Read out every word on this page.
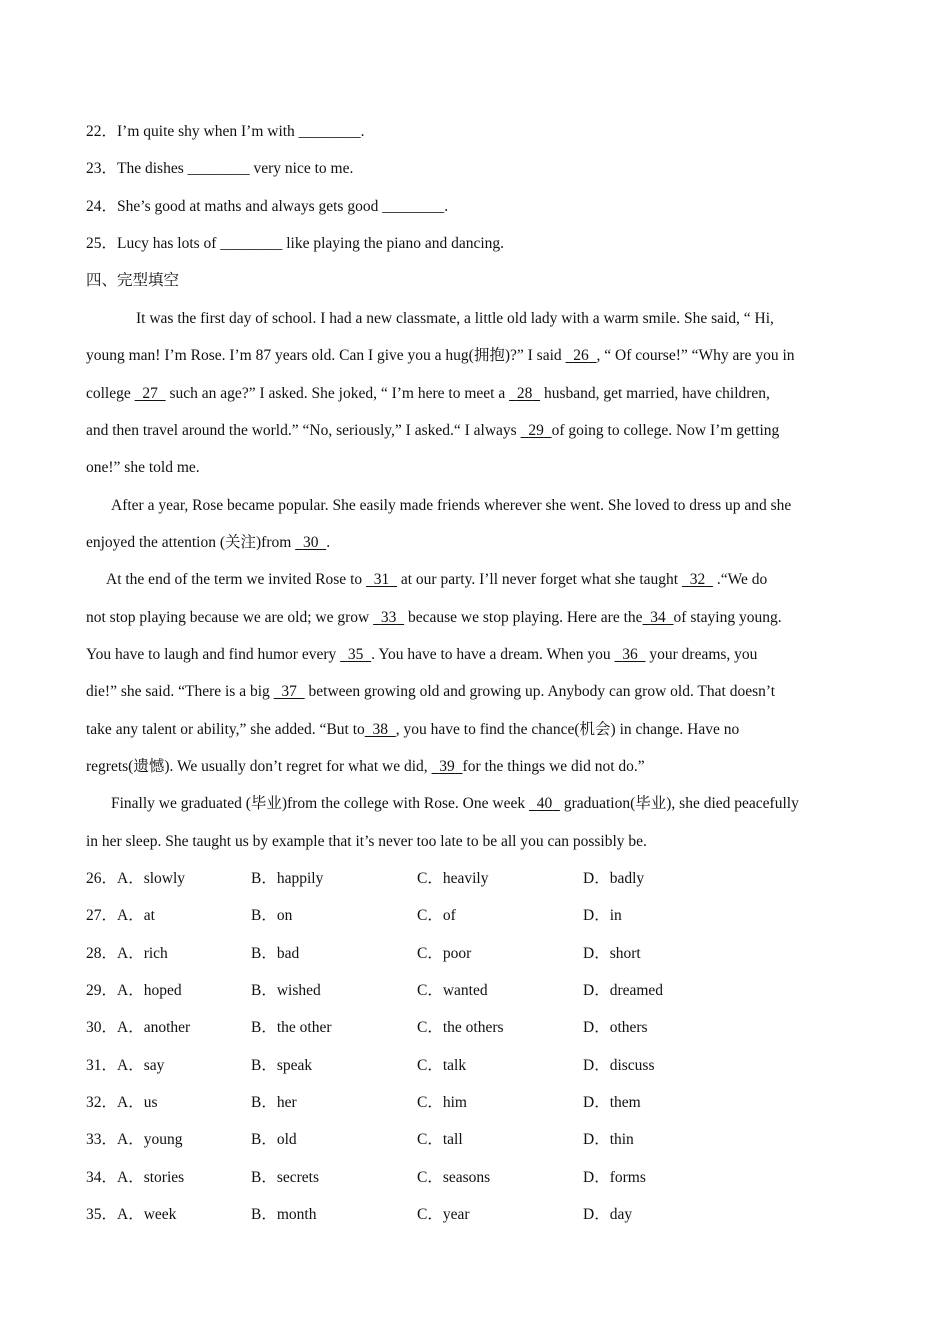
22．I’m quite shy when I’m with ________.
23．The dishes ________ very nice to me.
24．She’s good at maths and always gets good ________.
25．Lucy has lots of ________ like playing the piano and dancing.
四、完型填空
It was the first day of school. I had a new classmate, a little old lady with a warm smile. She said, “ Hi,
young man! I’m Rose. I’m 87 years old. Can I give you a hug(拥抱)?” I said   26 , “ Of course!” “Why are you in
college   27   such an age?” I asked. She joked, “ I’m here to meet a   28   husband, get married, have children,
and then travel around the world.” “No, seriously,” I asked.“ I always   29 of going to college. Now I’m getting
one!” she told me.
After a year, Rose became popular. She easily made friends wherever she went. She loved to dress up and she
enjoyed the attention (关注)from   30 .
At the end of the term we invited Rose to   31   at our party. I’ll never forget what she taught   32   .“We do
not stop playing because we are old; we grow   33   because we stop playing. Here are the 34 of staying young.
You have to laugh and find humor every   35 . You have to have a dream. When you   36   your dreams, you
die!” she said. “There is a big   37   between growing old and growing up. Anybody can grow old. That doesn’t
take any talent or ability,” she added. “But to 38 , you have to find the chance(机会) in change. Have no
regrets(遗憾). We usually don’t regret for what we did,   39 for the things we did not do.”
Finally we graduated (毕业)from the college with Rose. One week   40   graduation(毕业), she died peacefully
in her sleep. She taught us by example that it’s never too late to be all you can possibly be.
26．A．slowly	B．happily	C．heavily	D．badly
27．A．at	B．on	C．of	D．in
28．A．rich	B．bad	C．poor	D．short
29．A．hoped	B．wished	C．wanted	D．dreamed
30．A．another	B．the other	C．the others	D．others
31．A．say	B．speak	C．talk	D．discuss
32．A．us	B．her	C．him	D．them
33．A．young	B．old	C．tall	D．thin
34．A．stories	B．secrets	C．seasons	D．forms
35．A．week	B．month	C．year	D．day
